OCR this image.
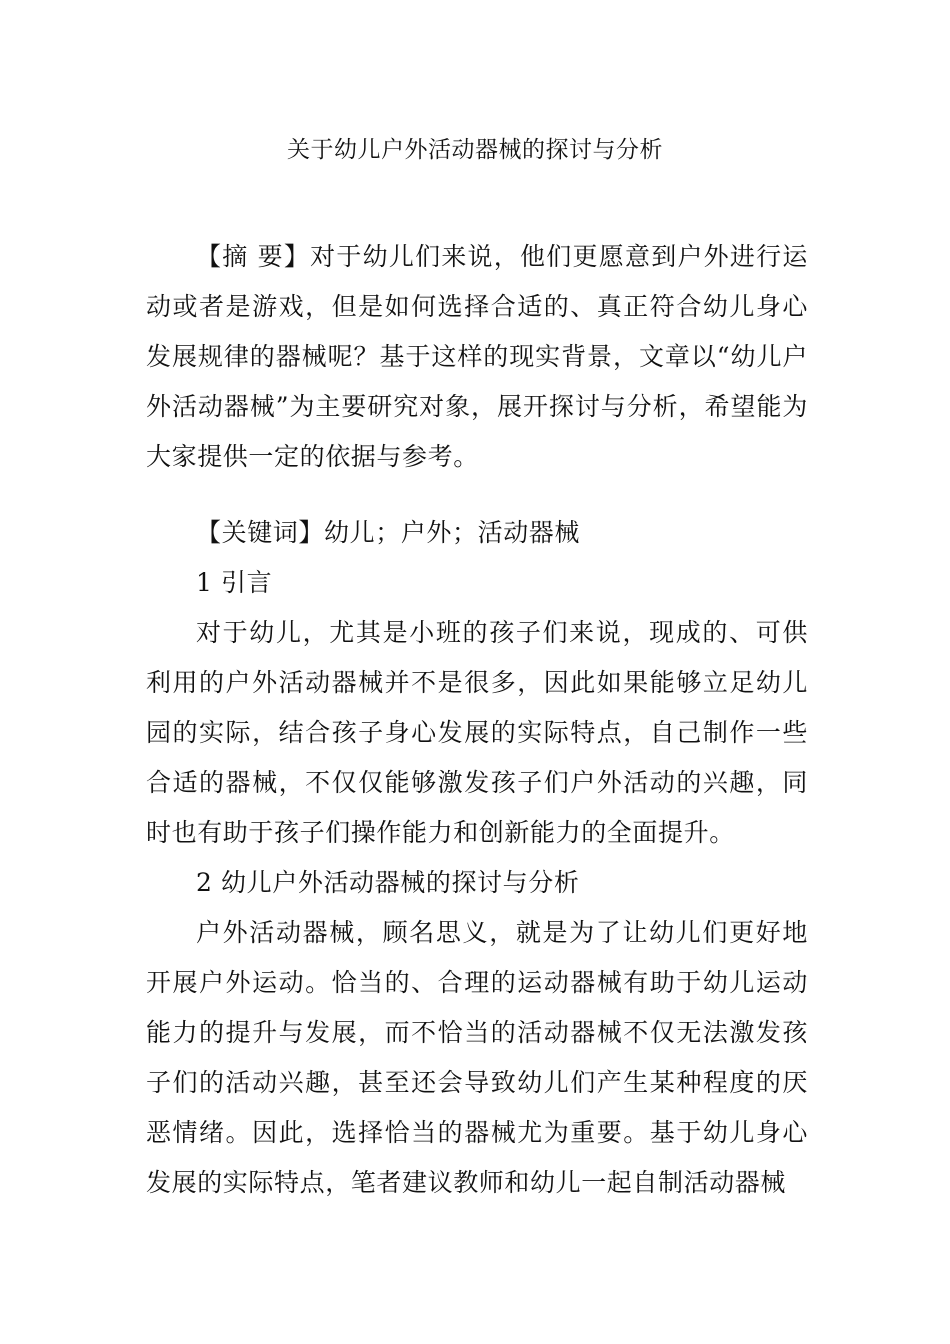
关于幼儿户外活动器械的探讨与分析

【摘 要】对于幼儿们来说，他们更愿意到户外进行运动或者是游戏，但是如何选择合适的、真正符合幼儿身心发展规律的器械呢？基于这样的现实背景，文章以“幼儿户外活动器械”为主要研究对象，展开探讨与分析，希望能为大家提供一定的依据与参考。

【关键词】幼儿；户外；活动器械

1 引言

对于幼儿，尤其是小班的孩子们来说，现成的、可供利用的户外活动器械并不是很多，因此如果能够立足幼儿园的实际，结合孩子身心发展的实际特点，自己制作一些合适的器械，不仅仅能够激发孩子们户外活动的兴趣，同时也有助于孩子们操作能力和创新能力的全面提升。

2 幼儿户外活动器械的探讨与分析

户外活动器械，顾名思义，就是为了让幼儿们更好地开展户外运动。恰当的、合理的运动器械有助于幼儿运动能力的提升与发展，而不恰当的活动器械不仅无法激发孩子们的活动兴趣，甚至还会导致幼儿们产生某种程度的厌恶情绪。因此，选择恰当的器械尤为重要。基于幼儿身心发展的实际特点，笔者建议教师和幼儿一起自制活动器械
